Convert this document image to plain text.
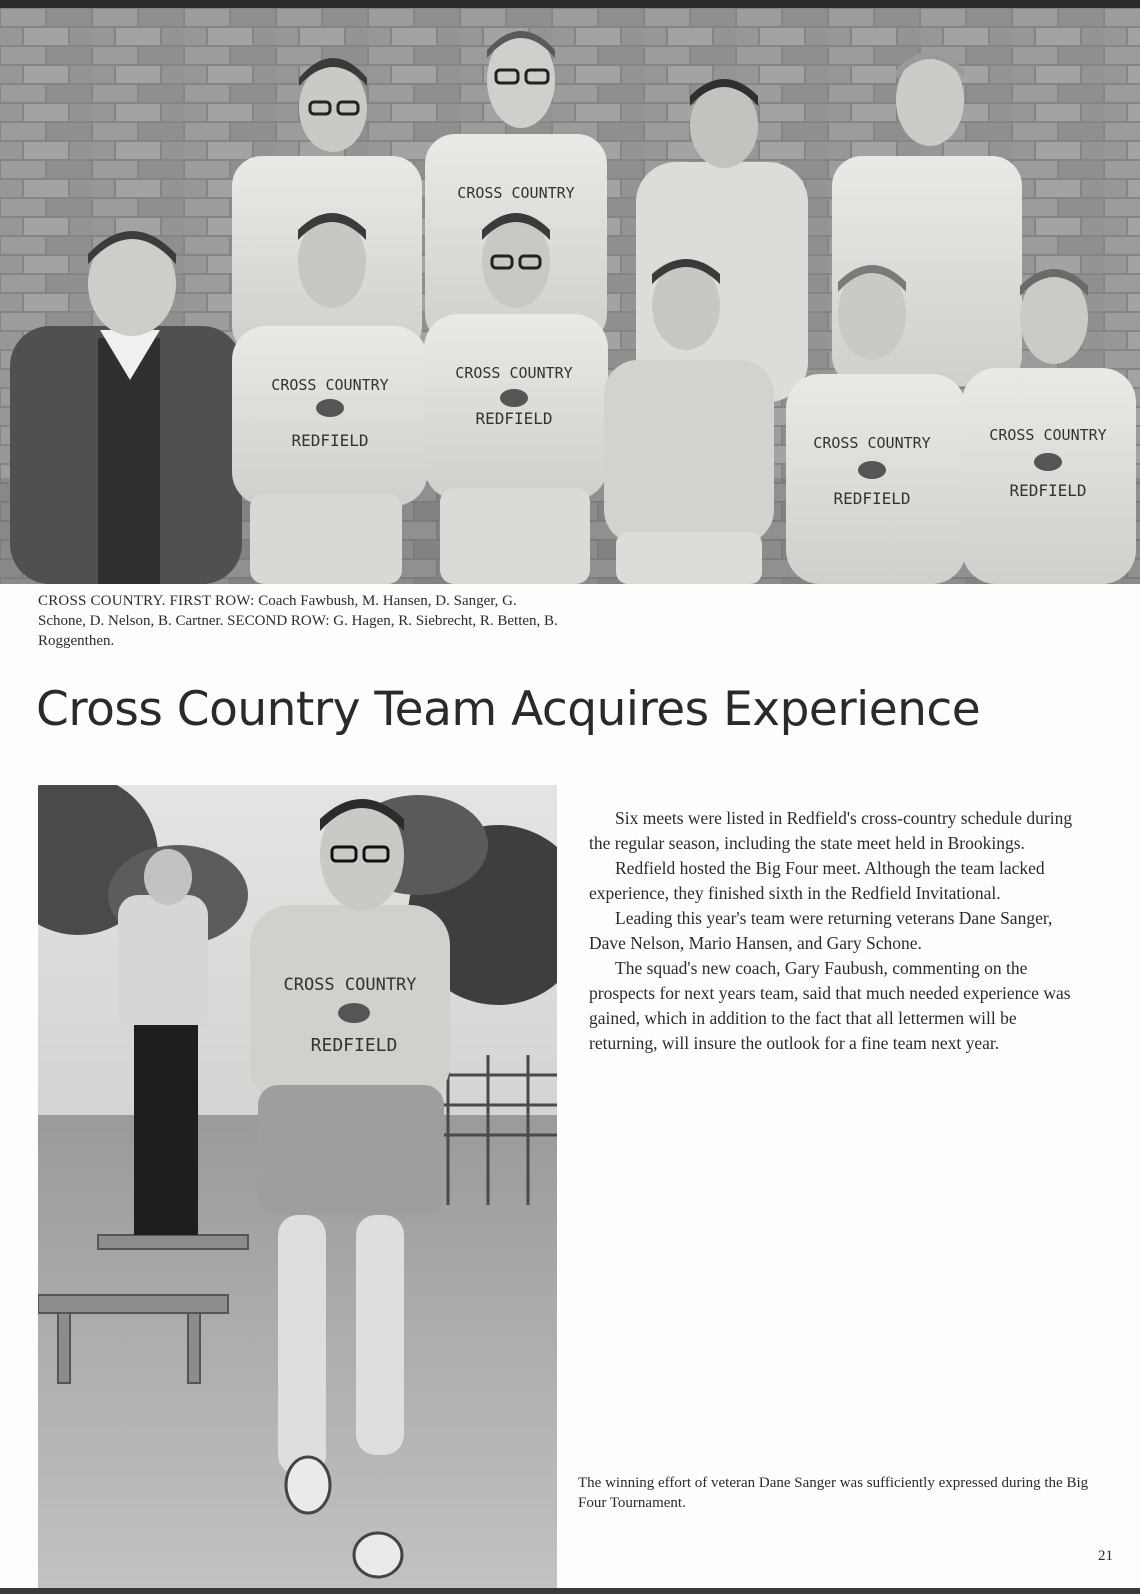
CROSS COUNTRY
CROSS COUNTRY
REDFIELD
CROSS COUNTRY
REDFIELD
CROSS COUNTRY
REDFIELD
CROSS COUNTRY
REDFIELD
CROSS COUNTRY. FIRST ROW: Coach Fawbush, M. Hansen, D. Sanger, G. Schone, D. Nelson, B. Cartner. SECOND ROW: G. Hagen, R. Siebrecht, R. Betten, B. Roggenthen.
Cross Country Team Acquires Experience
CROSS COUNTRY
REDFIELD

Six meets were listed in Redfield's cross-country schedule during the regular season, including the state meet held in Brookings.

Redfield hosted the Big Four meet. Although the team lacked experience, they finished sixth in the Redfield Invitational.

Leading this year's team were returning veterans Dane Sanger, Dave Nelson, Mario Hansen, and Gary Schone.

The squad's new coach, Gary Faubush, commenting on the prospects for next years team, said that much needed experience was gained, which in addition to the fact that all lettermen will be returning, will insure the outlook for a fine team next year.

The winning effort of veteran Dane Sanger was sufficiently expressed during the Big Four Tournament.
21
